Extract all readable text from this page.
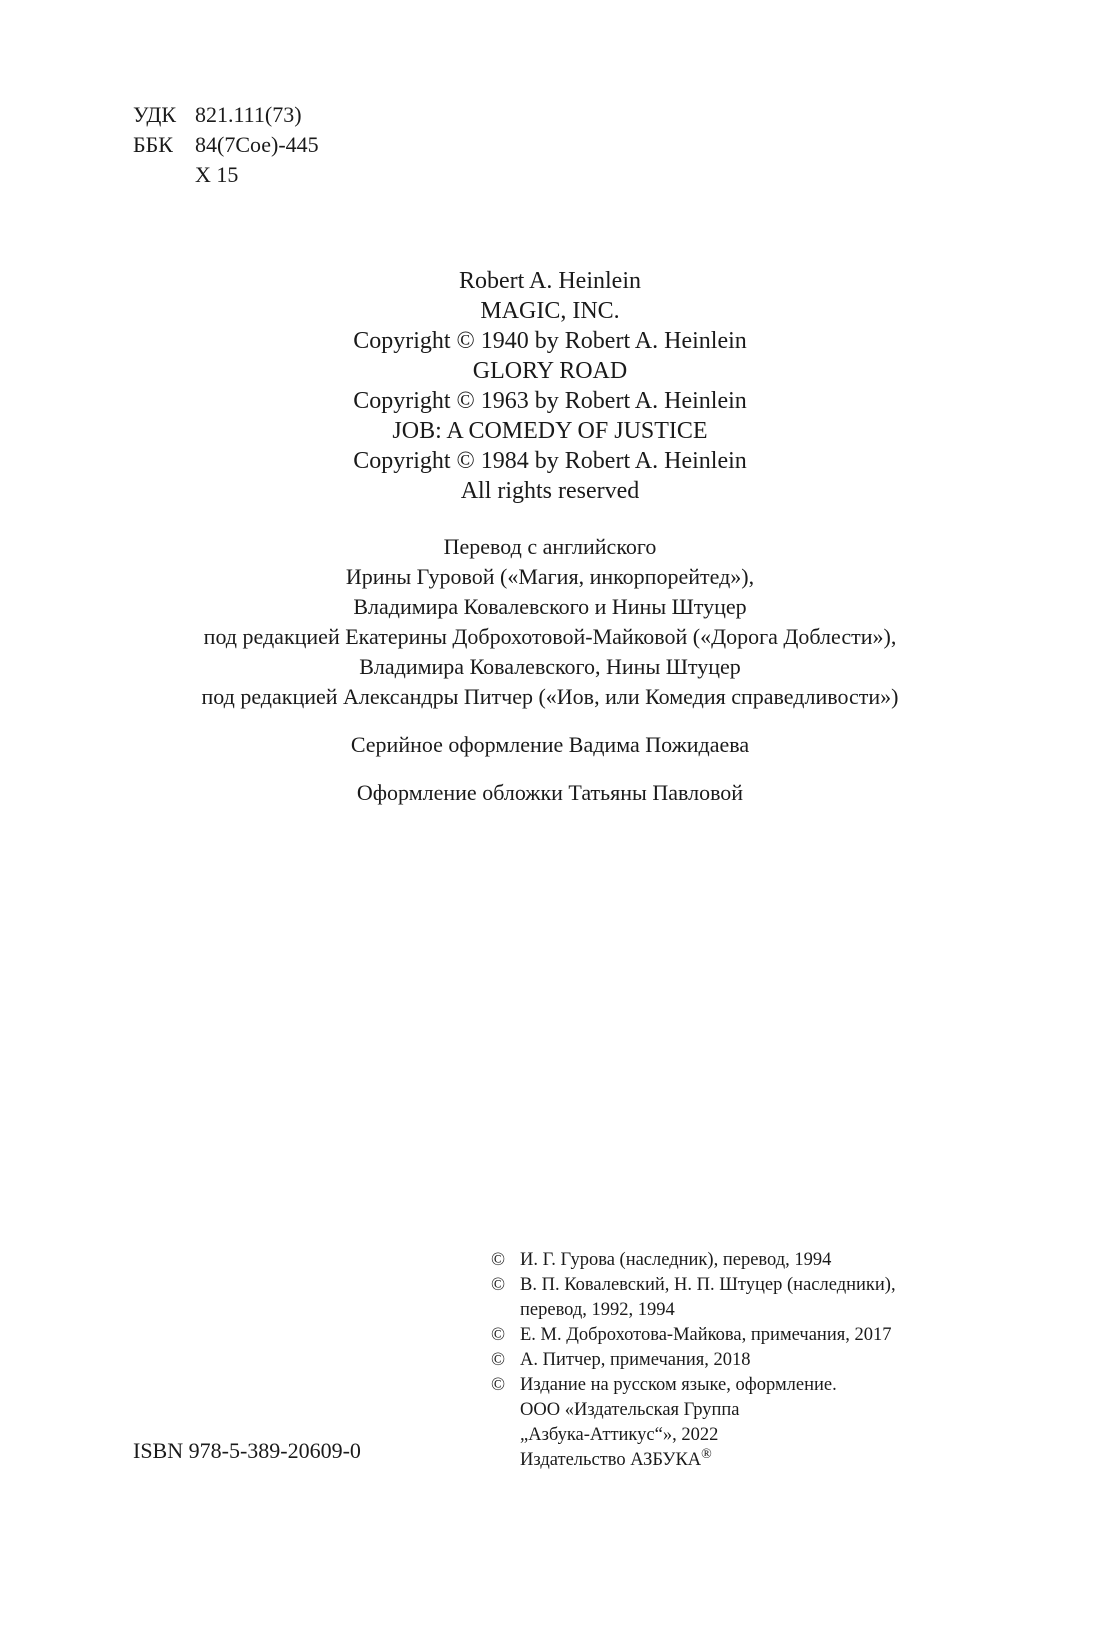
УДК 821.111(73)
ББК 84(7Сое)-445
Х 15
Robert A. Heinlein
MAGIC, INC.
Copyright © 1940 by Robert A. Heinlein
GLORY ROAD
Copyright © 1963 by Robert A. Heinlein
JOB: A COMEDY OF JUSTICE
Copyright © 1984 by Robert A. Heinlein
All rights reserved
Перевод с английского
Ирины Гуровой («Магия, инкорпорейтед»),
Владимира Ковалевского и Нины Штуцер
под редакцией Екатерины Доброхотовой-Майковой («Дорога Доблести»),
Владимира Ковалевского, Нины Штуцер
под редакцией Александры Питчер («Иов, или Комедия справедливости»)
Серийное оформление Вадима Пожидаева
Оформление обложки Татьяны Павловой
© И. Г. Гурова (наследник), перевод, 1994
© В. П. Ковалевский, Н. П. Штуцер (наследники),
перевод, 1992, 1994
© Е. М. Доброхотова-Майкова, примечания, 2017
© А. Питчер, примечания, 2018
© Издание на русском языке, оформление.
ООО «Издательская Группа
„Азбука-Аттикус“», 2022
Издательство АЗБУКА®
ISBN 978-5-389-20609-0
